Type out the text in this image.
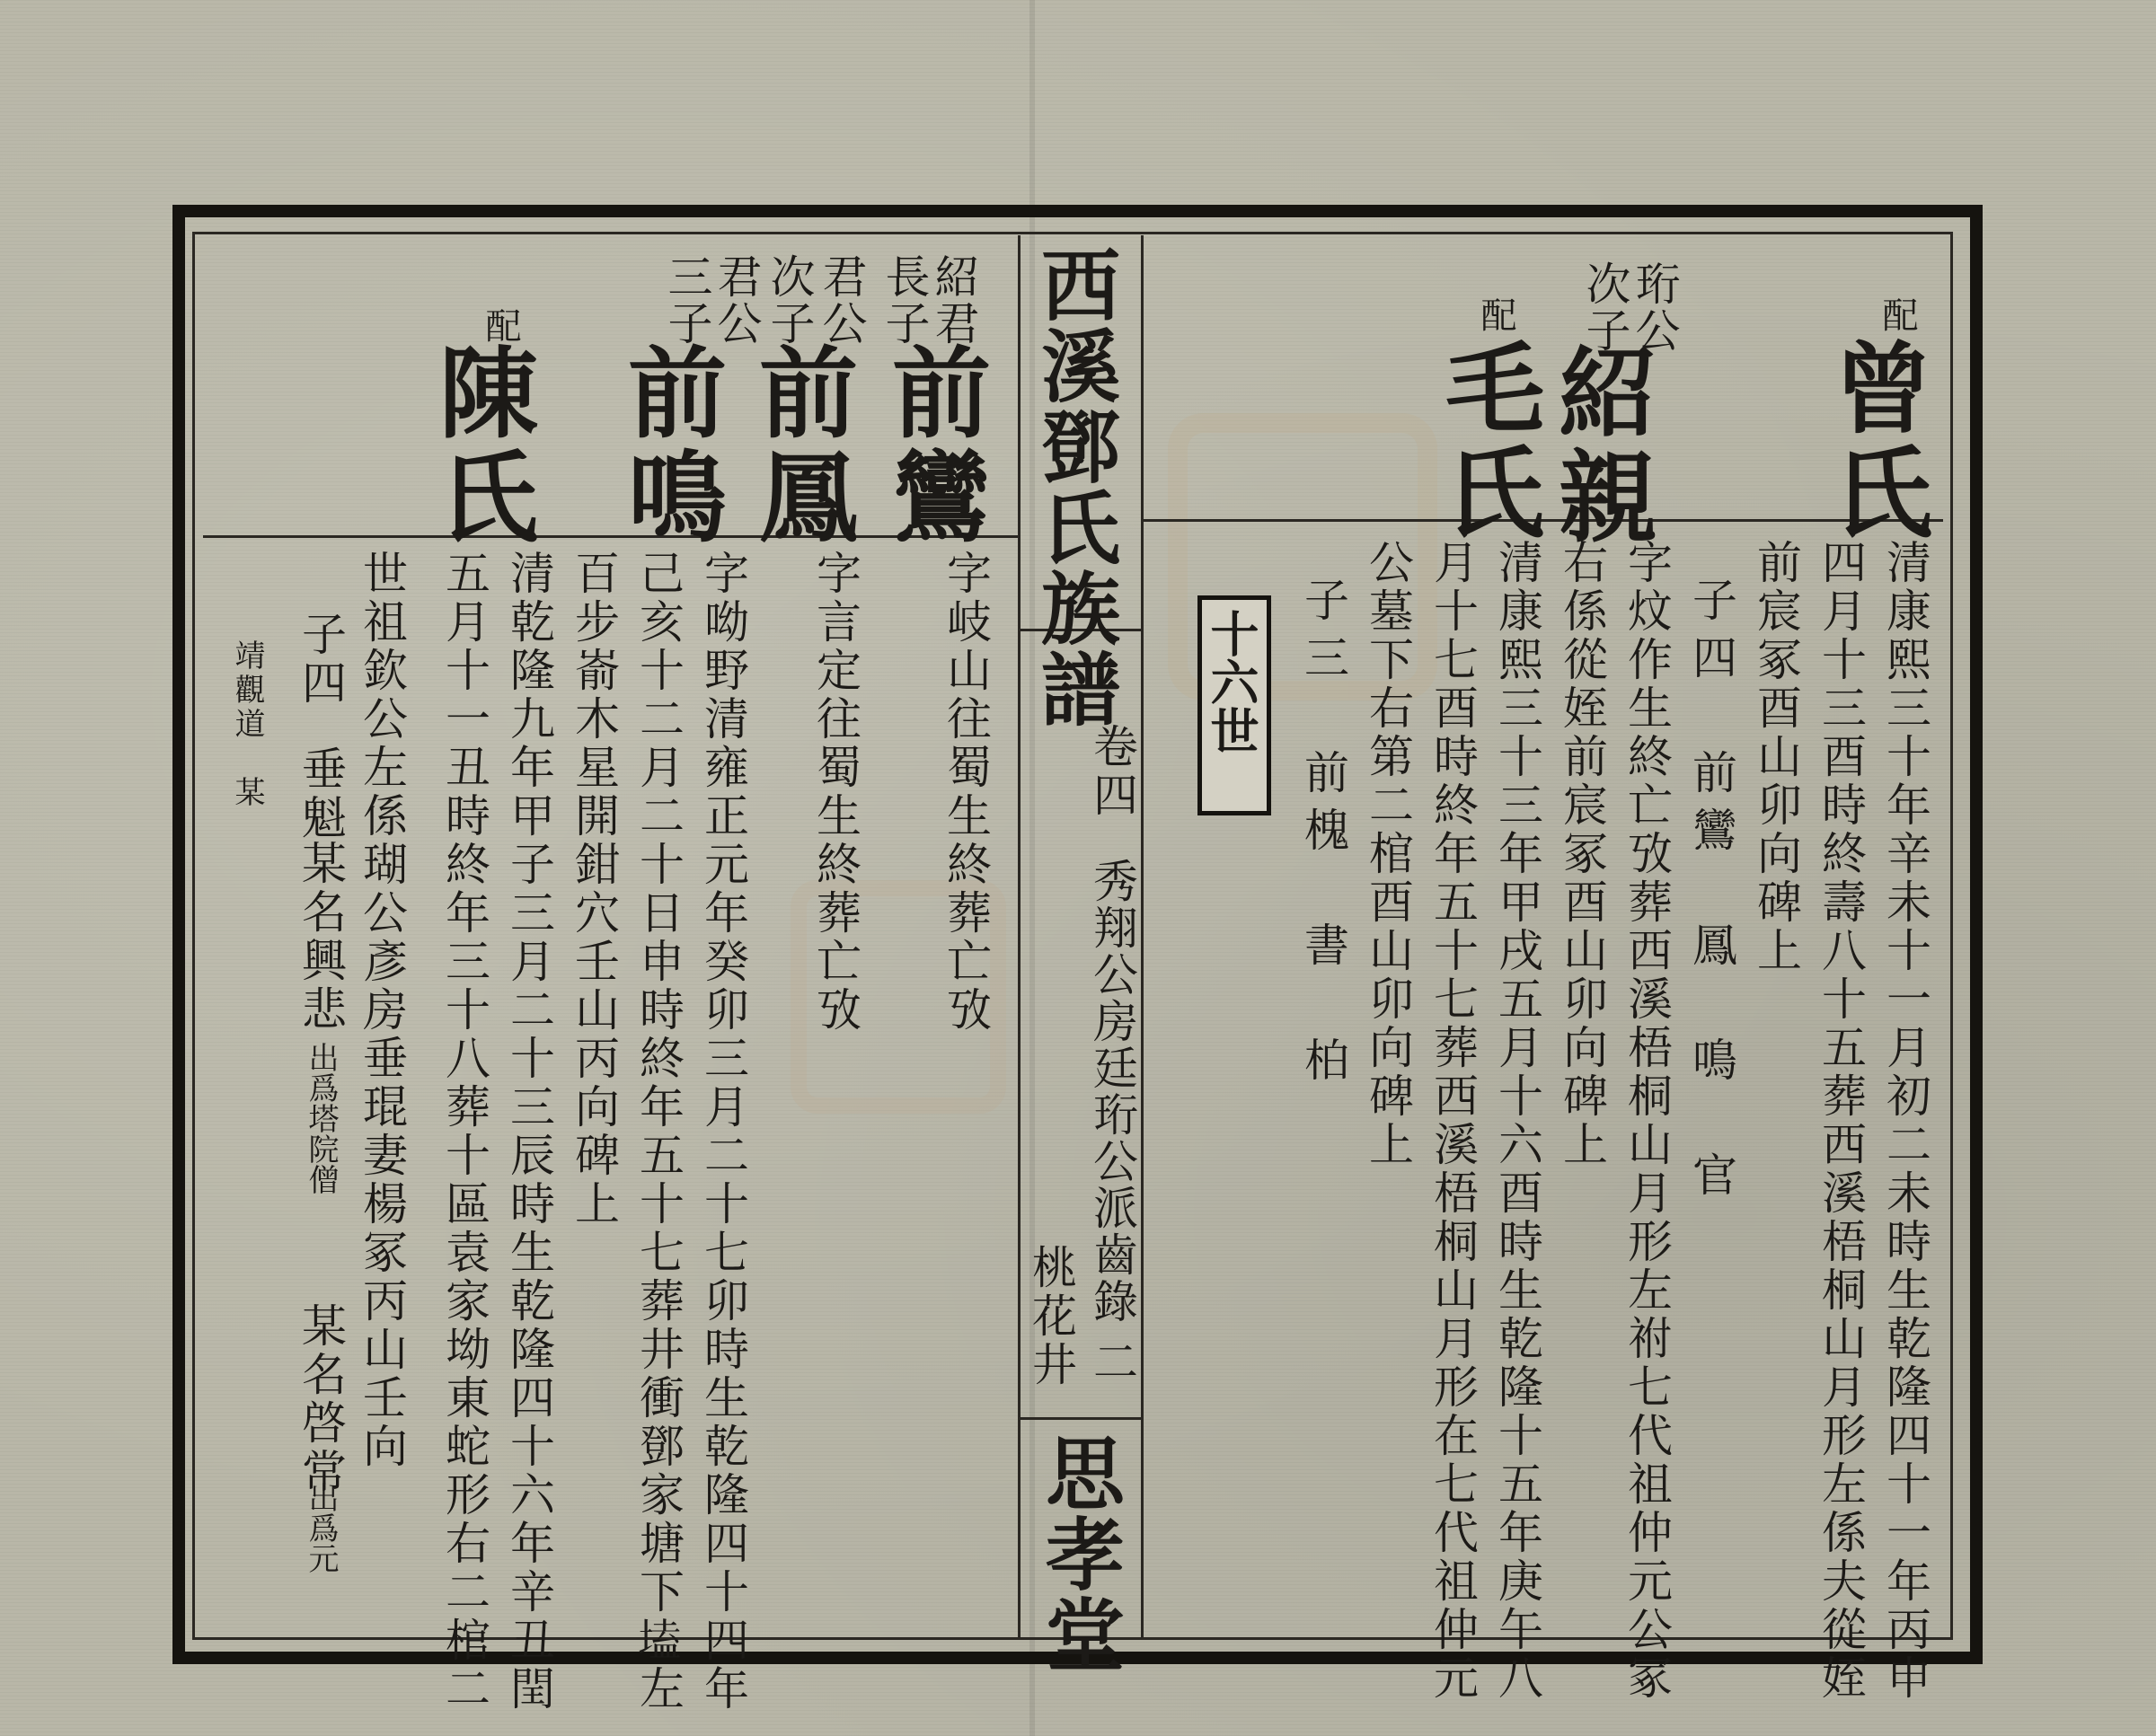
西溪鄧氏族譜
卷四
秀翔公房廷珩公派齒錄
桃花井 二
思孝堂
十六世
配
曾氏
珩公
次子
紹親
配
毛氏
清康熙三十年辛未十一月初二未時生乾隆四十一年丙申
四月十三酉時終壽八十五葬西溪梧桐山月形左係夫從姪
前宸冢酉山卯向碑上
子四　前鸞　鳳　鳴　官
字炆作生終亡攷葬西溪梧桐山月形左祔七代祖仲元公冢
右係從姪前宸冢酉山卯向碑上
清康熙三十三年甲戌五月十六酉時生乾隆十五年庚午八
月十七酉時終年五十七葬西溪梧桐山月形在七代祖仲元
公墓下右第二棺酉山卯向碑上
子三　前槐　書　柏
紹君
長子
前鸞
君公
次子
前鳳
君公
三子
前鳴
配
陳氏
字岐山往蜀生終葬亡攷
字言定往蜀生終葬亡攷
字呦野清雍正元年癸卯三月二十七卯時生乾隆四十四年
己亥十二月二十日申時終年五十七葬井衝鄧家塘下𡏖左
百步嵛木星開鉗穴壬山丙向碑上
清乾隆九年甲子三月二十三辰時生乾隆四十六年辛丑閏
五月十一丑時終年三十八葬十區袁家坳東蛇形右二棺二
世祖欽公左係瑚公彥房垂琨妻楊冢丙山壬向
子四
垂魁
某名興悲
出爲塔院僧
某名啓常
出爲元
靖觀道　某
